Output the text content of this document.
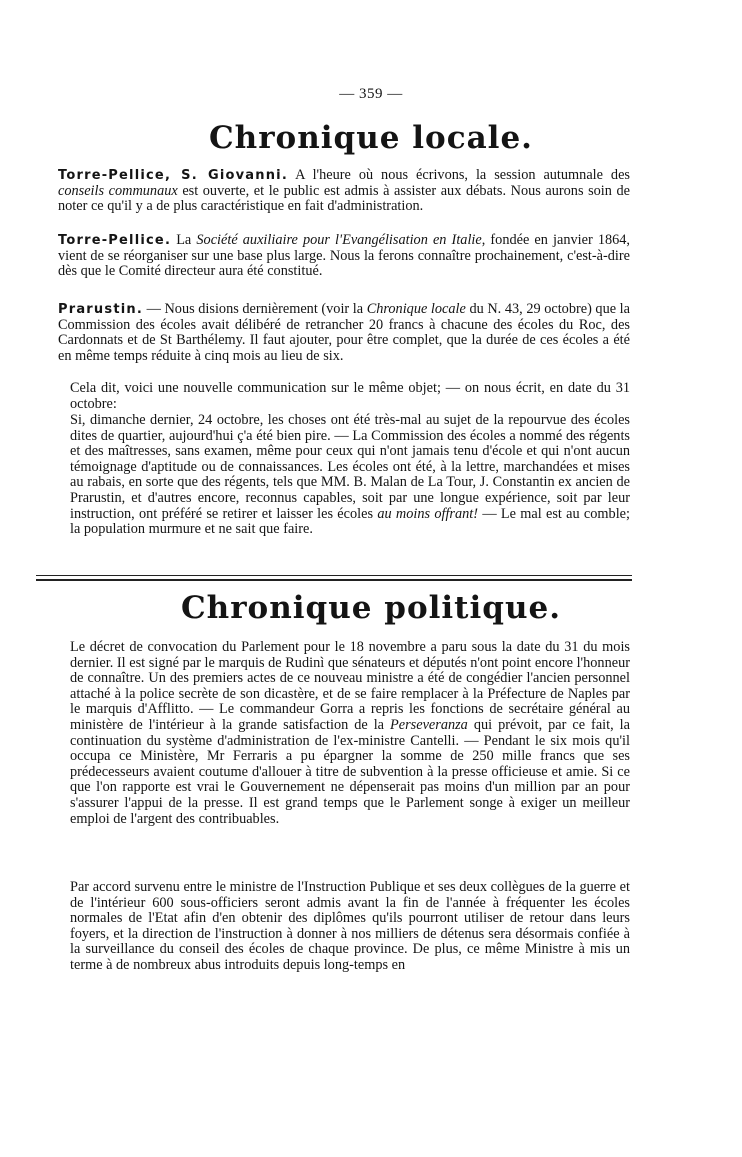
— 359 —
Chronique locale.

Torre-Pellice, S. Giovanni. A l'heure où nous écrivons, la session autumnale des conseils communaux est ouverte, et le public est admis à assister aux débats. Nous aurons soin de noter ce qu'il y a de plus caractéristique en fait d'administration.

Torre-Pellice. La Société auxiliaire pour l'Evangélisation en Italie, fondée en janvier 1864, vient de se réorganiser sur une base plus large. Nous la ferons connaître prochainement, c'est-à-dire dès que le Comité directeur aura été constitué.

Prarustin. — Nous disions dernièrement (voir la Chronique locale du N. 43, 29 octobre) que la Commission des écoles avait délibéré de retrancher 20 francs à chacune des écoles du Roc, des Cardonnats et de St Barthélemy. Il faut ajouter, pour être complet, que la durée de ces écoles a été en même temps réduite à cinq mois au lieu de six.

Cela dit, voici une nouvelle communication sur le même objet; — on nous écrit, en date du 31 octobre:

Si, dimanche dernier, 24 octobre, les choses ont été très-mal au sujet de la repourvue des écoles dites de quartier, aujourd'hui ç'a été bien pire. — La Commission des écoles a nommé des régents et des maîtresses, sans examen, même pour ceux qui n'ont jamais tenu d'école et qui n'ont aucun témoignage d'aptitude ou de connaissances. Les écoles ont été, à la lettre, marchandées et mises au rabais, en sorte que des régents, tels que MM. B. Malan de La Tour, J. Constantin ex ancien de Prarustin, et d'autres encore, reconnus capables, soit par une longue expérience, soit par leur instruction, ont préféré se retirer et laisser les écoles au moins offrant! — Le mal est au comble; la population murmure et ne sait que faire.

Chronique politique.

Le décret de convocation du Parlement pour le 18 novembre a paru sous la date du 31 du mois dernier. Il est signé par le marquis de Rudinì que sénateurs et députés n'ont point encore l'honneur de connaître. Un des premiers actes de ce nouveau ministre a été de congédier l'ancien personnel attaché à la police secrète de son dicastère, et de se faire remplacer à la Préfecture de Naples par le marquis d'Afflitto. — Le commandeur Gorra a repris les fonctions de secrétaire général au ministère de l'intérieur à la grande satisfaction de la Perseveranza qui prévoit, par ce fait, la continuation du système d'administration de l'ex-ministre Cantelli. — Pendant le six mois qu'il occupa ce Ministère, Mr Ferraris a pu épargner la somme de 250 mille francs que ses prédecesseurs avaient coutume d'allouer à titre de subvention à la presse officieuse et amie. Si ce que l'on rapporte est vrai le Gouvernement ne dépenserait pas moins d'un million par an pour s'assurer l'appui de la presse. Il est grand temps que le Parlement songe à exiger un meilleur emploi de l'argent des contribuables.

Par accord survenu entre le ministre de l'Instruction Publique et ses deux collègues de la guerre et de l'intérieur 600 sous-officiers seront admis avant la fin de l'année à fréquenter les écoles normales de l'Etat afin d'en obtenir des diplômes qu'ils pourront utiliser de retour dans leurs foyers, et la direction de l'instruction à donner à nos milliers de détenus sera désormais confiée à la surveillance du conseil des écoles de chaque province. De plus, ce même Ministre à mis un terme à de nombreux abus introduits depuis long-temps en
